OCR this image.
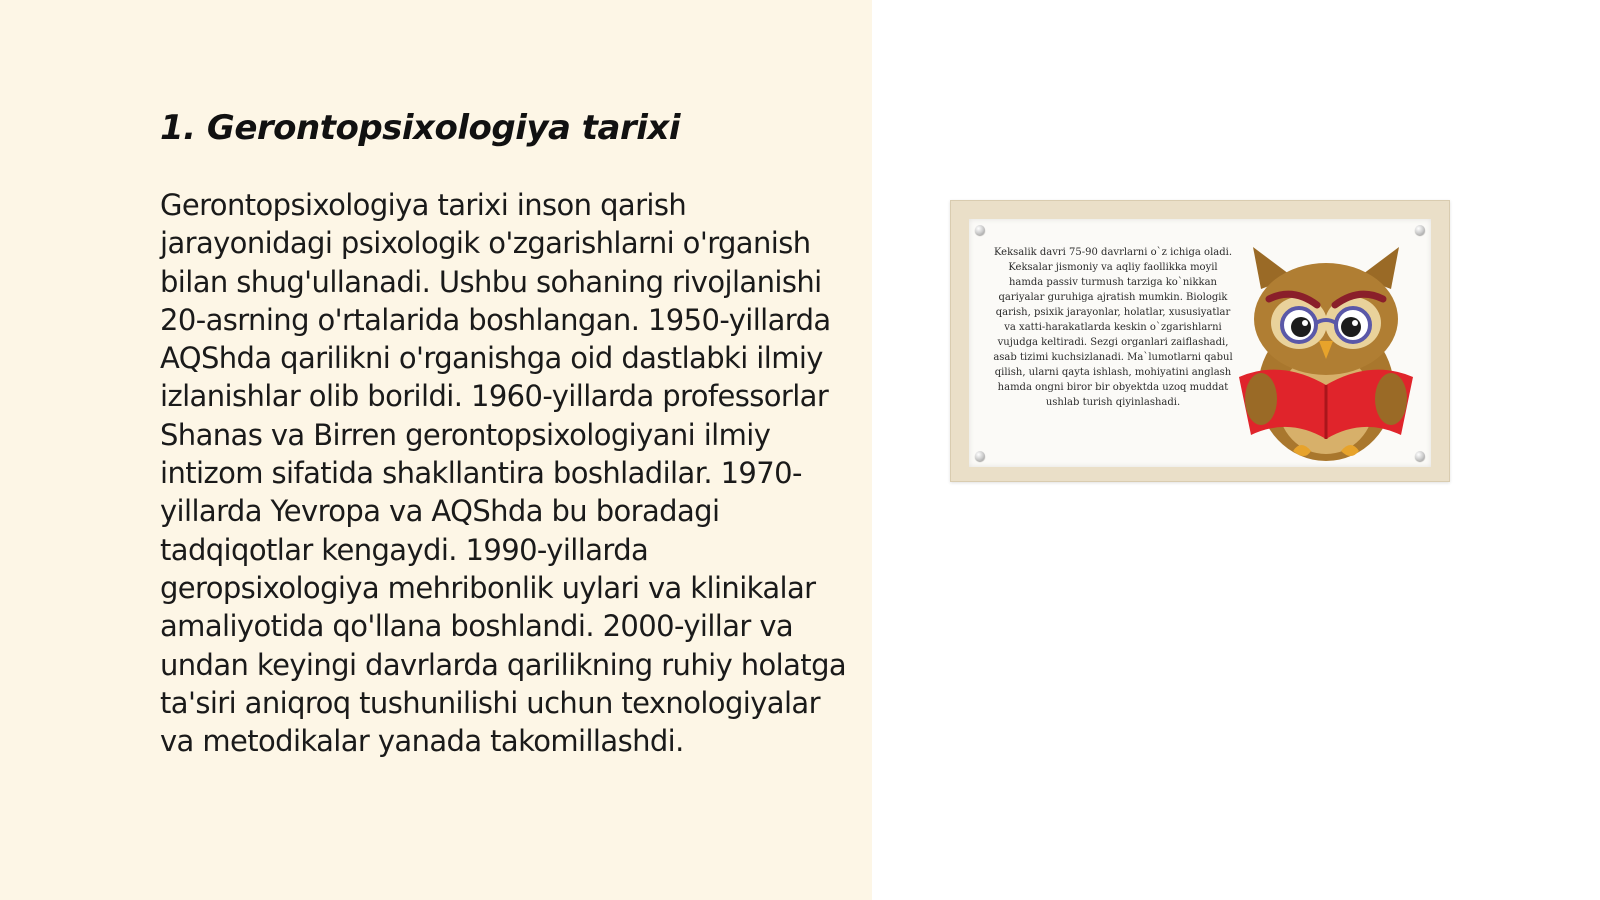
1. Gerontopsixologiya tarixi

Gerontopsixologiya tarixi inson qarish jarayonidagi psixologik o'zgarishlarni o'rganish bilan shug'ullanadi. Ushbu sohaning rivojlanishi 20-asrning o'rtalarida boshlangan. 1950-yillarda AQShda qarilikni o'rganishga oid dastlabki ilmiy izlanishlar olib borildi. 1960-yillarda professorlar Shanas va Birren gerontopsixologiyani ilmiy intizom sifatida shakllantira boshladilar. 1970-yillarda Yevropa va AQShda bu boradagi tadqiqotlar kengaydi. 1990-yillarda geropsixologiya mehribonlik uylari va klinikalar amaliyotida qo'llana boshlandi. 2000-yillar va undan keyingi davrlarda qarilikning ruhiy holatga ta'siri aniqroq tushunilishi uchun texnologiyalar va metodikalar yanada takomillashdi.

Keksalik davri 75-90 davrlarni o`z ichiga oladi. Keksalar jismoniy va aqliy faollikka moyil hamda passiv turmush tarziga ko`nikkan qariyalar guruhiga ajratish mumkin. Biologik qarish, psixik jarayonlar, holatlar, xususiyatlar va xatti-harakatlarda keskin o`zgarishlarni vujudga keltiradi. Sezgi organlari zaiflashadi, asab tizimi kuchsizlanadi. Ma`lumotlarni qabul qilish, ularni qayta ishlash, mohiyatini anglash hamda ongni biror bir obyektda uzoq muddat ushlab turish qiyinlashadi.
